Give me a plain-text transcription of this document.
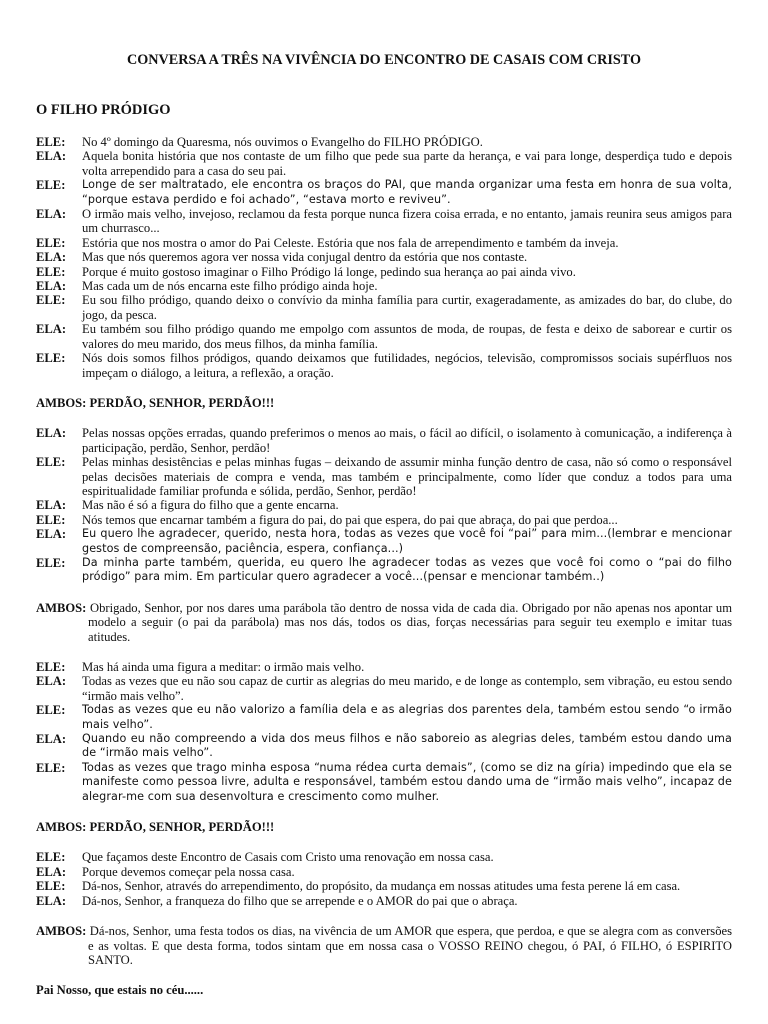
CONVERSA A TRÊS NA VIVÊNCIA DO ENCONTRO DE CASAIS COM CRISTO
O FILHO PRÓDIGO
ELE:	No 4º domingo da Quaresma, nós ouvimos o Evangelho do FILHO PRÓDIGO.
ELA:	Aquela bonita história que nos contaste de um filho que pede sua parte da herança, e vai para longe, desperdiça tudo e depois volta arrependido para a casa do seu pai.
ELE:	Longe de ser maltratado, ele encontra os braços do PAI, que manda organizar uma festa em honra de sua volta, “porque estava perdido e foi achado”, “estava morto e reviveu”.
ELA:	O irmão mais velho, invejoso, reclamou da festa porque nunca fizera coisa errada, e no entanto, jamais reunira seus amigos para um churrasco...
ELE:	Estória que nos mostra o amor do Pai Celeste. Estória que nos fala de arrependimento e também da inveja.
ELA:	Mas que nós queremos agora ver nossa vida conjugal dentro da estória que nos contaste.
ELE:	Porque é muito gostoso imaginar o Filho Pródigo lá longe, pedindo sua herança ao pai ainda vivo.
ELA:	Mas cada um de nós encarna este filho pródigo ainda hoje.
ELE:	Eu sou filho pródigo, quando deixo o convívio da minha família para curtir, exageradamente, as amizades do bar, do clube, do jogo, da pesca.
ELA:	Eu também sou filho pródigo quando me empolgo com assuntos de moda, de roupas, de festa e deixo de saborear e curtir os valores do meu marido, dos meus filhos, da minha família.
ELE:	Nós dois somos filhos pródigos, quando deixamos que futilidades, negócios, televisão, compromissos sociais supérfluos nos impeçam o diálogo, a leitura, a reflexão, a oração.
AMBOS: PERDÃO, SENHOR, PERDÃO!!!
ELA:	Pelas nossas opções erradas, quando preferimos o menos ao mais, o fácil ao difícil, o isolamento à comunicação, a indiferença à participação, perdão, Senhor, perdão!
ELE:	Pelas minhas desistências e pelas minhas fugas – deixando de assumir minha função dentro de casa, não só como o responsável pelas decisões materiais de compra e venda, mas também e principalmente, como líder que conduz a todos para uma espiritualidade familiar profunda e sólida, perdão, Senhor, perdão!
ELA:	Mas não é só a figura do filho que a gente encarna.
ELE:	Nós temos que encarnar também a figura do pai, do pai que espera, do pai que abraça, do pai que perdoa...
ELA:	Eu quero lhe agradecer, querido, nesta hora, todas as vezes que você foi “pai” para mim...(lembrar e mencionar gestos de compreensão, paciência, espera, confiança...)
ELE:	Da minha parte também, querida, eu quero lhe agradecer todas as vezes que você foi como o “pai do filho pródigo” para mim. Em particular quero agradecer a você...(pensar e mencionar também..)
AMBOS: Obrigado, Senhor, por nos dares uma parábola tão dentro de nossa vida de cada dia. Obrigado por não apenas nos apontar um modelo a seguir (o pai da parábola) mas nos dás, todos os dias, forças necessárias para seguir teu exemplo e imitar tuas atitudes.
ELE:	Mas há ainda uma figura a meditar: o irmão mais velho.
ELA:	Todas as vezes que eu não sou capaz de curtir as alegrias do meu marido, e de longe as contemplo, sem vibração, eu estou sendo “irmão mais velho”.
ELE:	Todas as vezes que eu não valorizo a família dela e as alegrias dos parentes dela, também estou sendo “o irmão mais velho”.
ELA:	Quando eu não compreendo a vida dos meus filhos e não saboreio as alegrias deles, também estou dando uma de “irmão mais velho”.
ELE:	Todas as vezes que trago minha esposa “numa rédea curta demais”, (como se diz na gíria) impedindo que ela se manifeste como pessoa livre, adulta e responsável, também estou dando uma de “irmão mais velho”, incapaz de alegrar-me com sua desenvoltura e crescimento como mulher.
AMBOS: PERDÃO, SENHOR, PERDÃO!!!
ELE:	Que façamos deste Encontro de Casais com Cristo uma renovação em nossa casa.
ELA:	Porque devemos começar pela nossa casa.
ELE:	Dá-nos, Senhor, através do arrependimento, do propósito, da mudança em nossas atitudes uma festa perene lá em casa.
ELA:	Dá-nos, Senhor, a franqueza do filho que se arrepende e o AMOR do pai que o abraça.
AMBOS: Dá-nos, Senhor, uma festa todos os dias, na vivência de um AMOR que espera, que perdoa, e que se alegra com as conversões e as voltas. E que desta forma, todos sintam que em nossa casa o VOSSO REINO chegou, ó PAI, ó FILHO, ó ESPIRITO SANTO.
Pai Nosso, que estais no céu......
